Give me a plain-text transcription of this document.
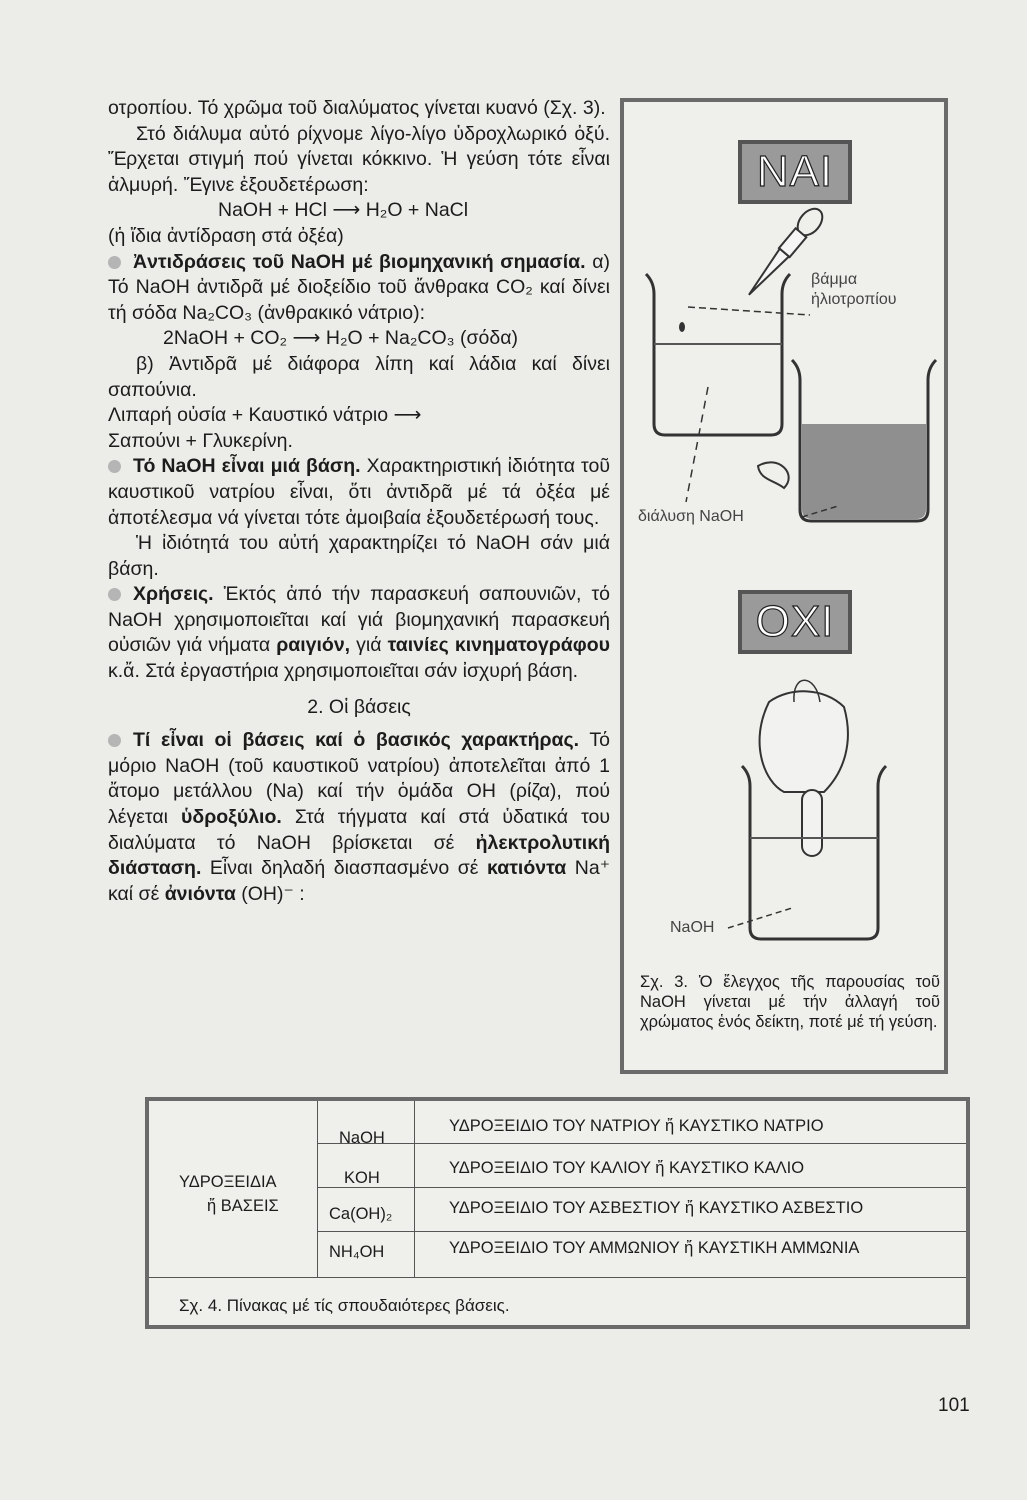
οτροπίου. Τό χρῶμα τοῦ διαλύματος γίνεται κυανό (Σχ. 3).

Στό διάλυμα αὐτό ρίχνομε λίγο-λίγο ὑδροχλωρικό ὀξύ. Ἔρχεται στιγμή πού γίνεται κόκκινο. Ἡ γεύση τότε εἶναι ἁλμυρή. Ἔγινε ἐξουδετέρωση:

NaOH + HCl ⟶ H₂O + NaCl

(ἡ ἴδια ἀντίδραση στά ὀξέα)

Ἀντιδράσεις τοῦ NaOH μέ βιομηχανική σημασία. α) Τό NaOH ἀντιδρᾶ μέ διοξείδιο τοῦ ἄνθρακα CO₂ καί δίνει τή σόδα Na₂CO₃ (ἀνθρακικό νάτριο):

2NaOH + CO₂ ⟶ H₂O + Na₂CO₃ (σόδα)

β) Ἀντιδρᾶ μέ διάφορα λίπη καί λάδια καί δίνει σαπούνια.

Λιπαρή οὐσία + Καυστικό νάτριο ⟶

Σαπούνι + Γλυκερίνη.

Τό NaOH εἶναι μιά βάση. Χαρακτηριστική ἰδιότητα τοῦ καυστικοῦ νατρίου εἶναι, ὅτι ἀντιδρᾶ μέ τά ὀξέα μέ ἀποτέλεσμα νά γίνεται τότε ἀμοιβαία ἐξουδετέρωσή τους.

Ἡ ἰδιότητά του αὐτή χαρακτηρίζει τό NaOH σάν μιά βάση.

Χρήσεις. Ἐκτός ἀπό τήν παρασκευή σαπουνιῶν, τό NaOH χρησιμοποιεῖται καί γιά βιομηχανική παρασκευή οὐσιῶν γιά νήματα ραιγιόν, γιά ταινίες κινηματογράφου κ.ἄ. Στά ἐργαστήρια χρησιμοποιεῖται σάν ἰσχυρή βάση.

2. Οἱ βάσεις

Τί εἶναι οἱ βάσεις καί ὁ βασικός χαρακτήρας. Τό μόριο NaOH (τοῦ καυστικοῦ νατρίου) ἀποτελεῖται ἀπό 1 ἄτομο μετάλλου (Na) καί τήν ὁμάδα OH (ρίζα), πού λέγεται ὑδροξύλιο. Στά τήγματα καί στά ὑδατικά του διαλύματα τό NaOH βρίσκεται σέ ἠλεκτρολυτική διάσταση. Εἶναι δηλαδή διασπασμένο σέ κατιόντα Na⁺ καί σέ ἀνιόντα (OH)⁻ :

NAI
βάμμα
ἡλιοτροπίου
διάλυση NaOH
OXI
NaOH
Σχ. 3. Ὁ ἔλεγχος τῆς παρουσίας τοῦ NaOH γίνεται μέ τήν ἀλλαγή τοῦ χρώματος ἑνός δείκτη, ποτέ μέ τή γεύση.
ΥΔΡΟΞΕΙΔΙΑ
ἤ ΒΑΣΕΙΣ
NaOH
ΥΔΡΟΞΕΙΔΙΟ ΤΟΥ ΝΑΤΡΙΟΥ ἤ ΚΑΥΣΤΙΚΟ ΝΑΤΡΙΟ
KOH
ΥΔΡΟΞΕΙΔΙΟ ΤΟΥ ΚΑΛΙΟΥ ἤ ΚΑΥΣΤΙΚΟ ΚΑΛΙΟ
Ca(OH)₂	ΥΔΡΟΞΕΙΔΙΟ ΤΟΥ ΑΣΒΕΣΤΙΟΥ ἤ ΚΑΥΣΤΙΚΟ ΑΣΒΕΣΤΙΟ
NH₄OH	ΥΔΡΟΞΕΙΔΙΟ ΤΟΥ ΑΜΜΩΝΙΟΥ ἤ ΚΑΥΣΤΙΚΗ ΑΜΜΩΝΙΑ
Σχ. 4. Πίνακας μέ τίς σπουδαιότερες βάσεις.
101
